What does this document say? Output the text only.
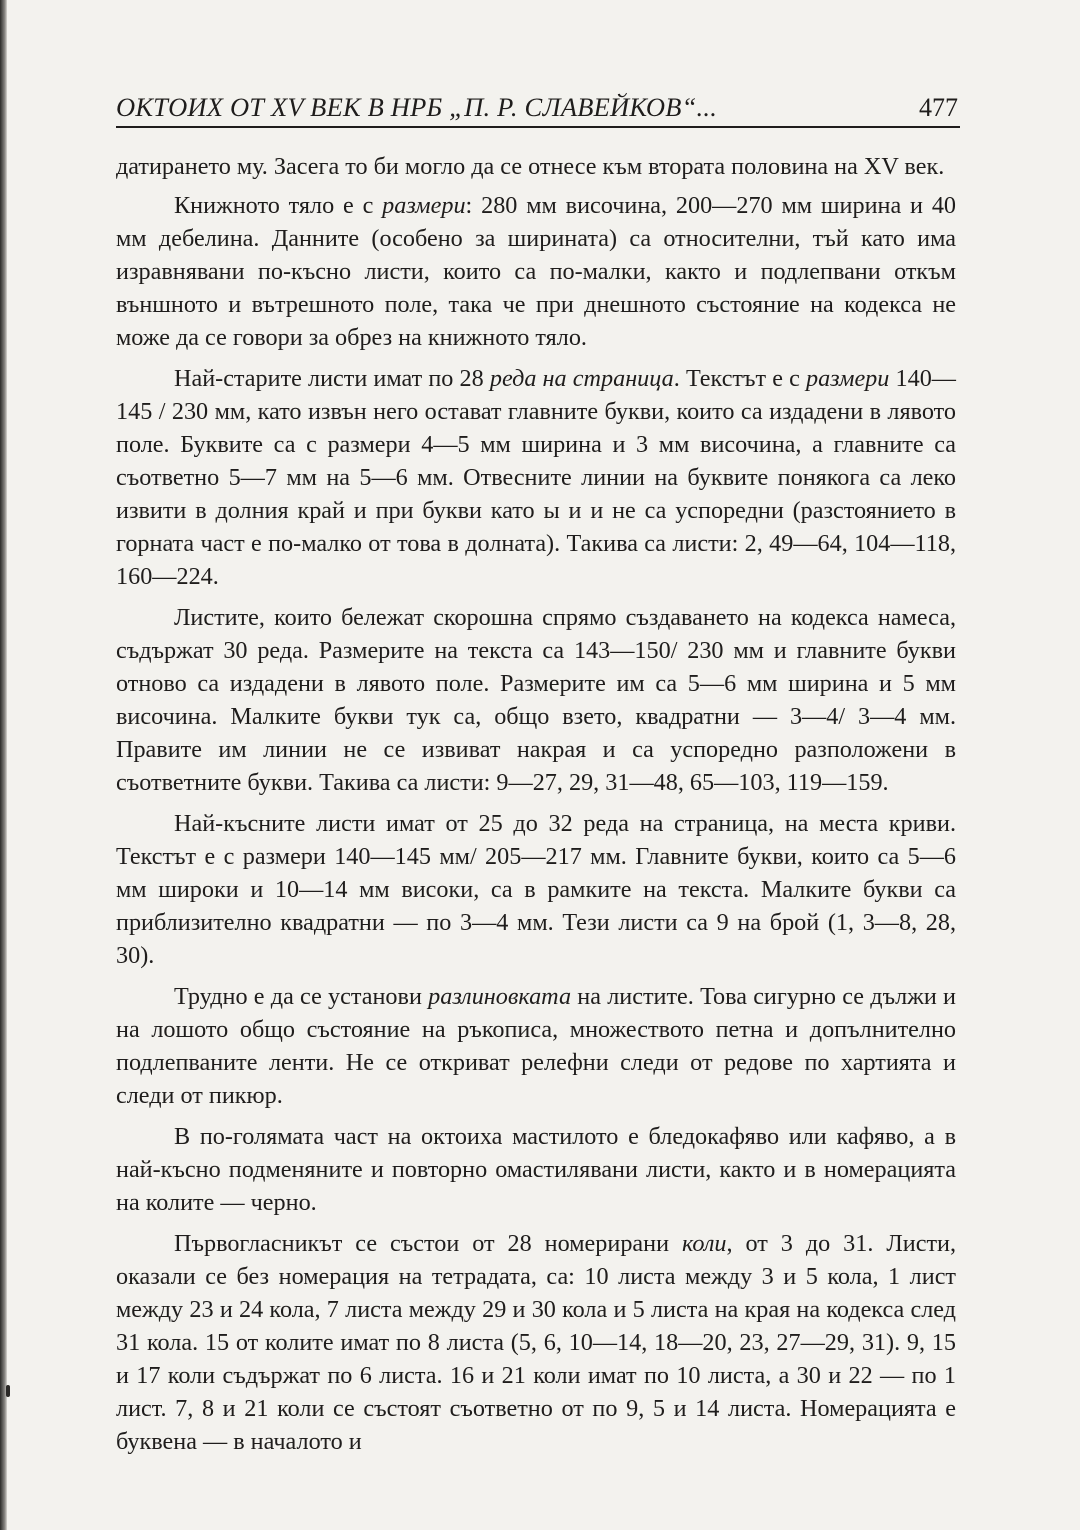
ОКТОИХ ОТ XV ВЕК В НРБ „П. Р. СЛАВЕЙКОВ“...	477

датирането му. Засега то би могло да се отнесе към втората половина на XV век.

Книжното тяло е с размери: 280 мм височина, 200—270 мм ширина и 40 мм дебелина. Данните (особено за ширината) са относителни, тъй като има изравнявани по-късно листи, които са по-малки, както и подлепвани откъм външното и вътрешното поле, така че при днешното състояние на кодекса не може да се говори за обрез на книжното тяло.

Най-старите листи имат по 28 реда на страница. Текстът е с размери 140—145 / 230 мм, като извън него остават главните букви, които са издадени в лявото поле. Буквите са с размери 4—5 мм ширина и 3 мм височина, а главните са съответно 5—7 мм на 5—6 мм. Отвесните линии на буквите понякога са леко извити в долния край и при букви като ы и и не са успоредни (разстоянието в горната част е по-малко от това в долната). Такива са листи: 2, 49—64, 104—118, 160—224.

Листите, които бележат скорошна спрямо създаването на кодекса намеса, съдържат 30 реда. Размерите на текста са 143—150/ 230 мм и главните букви отново са издадени в лявото поле. Размерите им са 5—6 мм ширина и 5 мм височина. Малките букви тук са, общо взето, квадратни — 3—4/ 3—4 мм. Правите им линии не се извиват накрая и са успоредно разположени в съответните букви. Такива са листи: 9—27, 29, 31—48, 65—103, 119—159.

Най-късните листи имат от 25 до 32 реда на страница, на места криви. Текстът е с размери 140—145 мм/ 205—217 мм. Главните букви, които са 5—6 мм широки и 10—14 мм високи, са в рамките на текста. Малките букви са приблизително квадратни — по 3—4 мм. Тези листи са 9 на брой (1, 3—8, 28, 30).

Трудно е да се установи разлиновката на листите. Това сигурно се дължи и на лошото общо състояние на ръкописа, множеството петна и допълнително подлепваните ленти. Не се откриват релефни следи от редове по хартията и следи от пикюр.

В по-голямата част на октоиха мастилото е бледокафяво или кафяво, а в най-късно подменяните и повторно омастилявани листи, както и в номерацията на колите — черно.

Първогласникът се състои от 28 номерирани коли, от 3 до 31. Листи, оказали се без номерация на тетрадата, са: 10 листа между 3 и 5 кола, 1 лист между 23 и 24 кола, 7 листа между 29 и 30 кола и 5 листа на края на кодекса след 31 кола. 15 от колите имат по 8 листа (5, 6, 10—14, 18—20, 23, 27—29, 31). 9, 15 и 17 коли съдържат по 6 листа. 16 и 21 коли имат по 10 листа, а 30 и 22 — по 1 лист. 7, 8 и 21 коли се състоят съответно от по 9, 5 и 14 листа. Номерацията е буквена — в началото и
